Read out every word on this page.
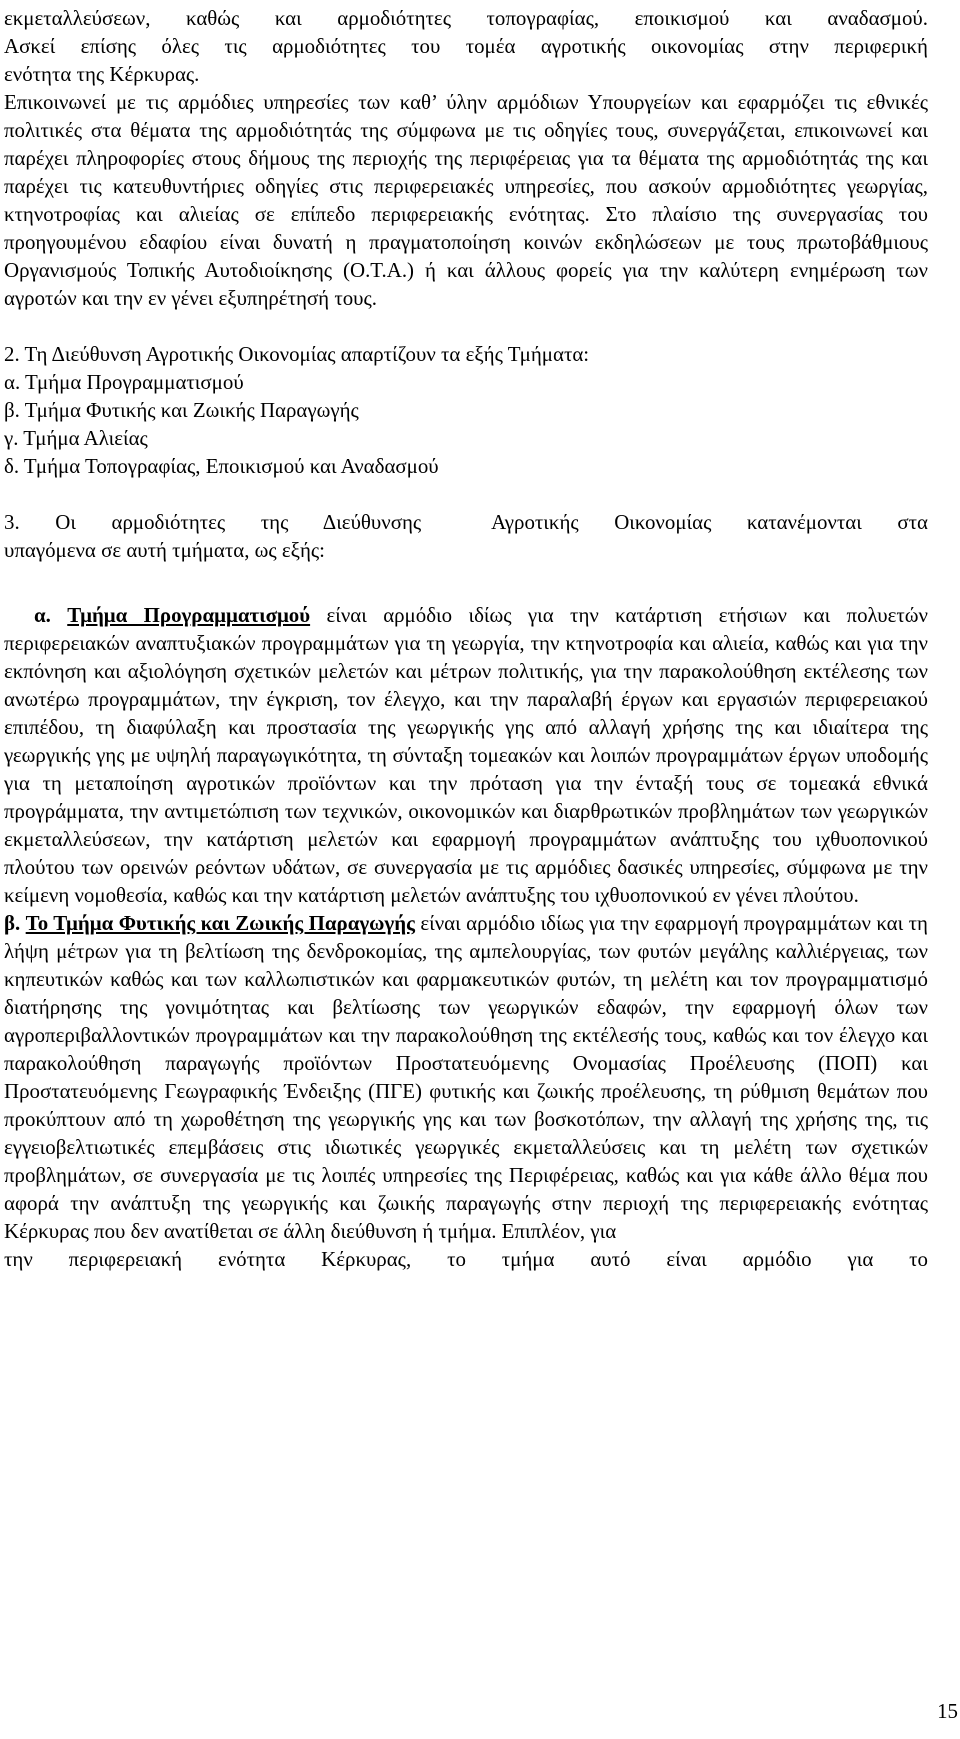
εκμεταλλεύσεων, καθώς και αρμοδιότητες τοπογραφίας, εποικισμού και αναδασμού.
Ασκεί επίσης όλες τις αρμοδιότητες του τομέα αγροτικής οικονομίας στην περιφερική
ενότητα της Κέρκυρας.

Επικοινωνεί με τις αρμόδιες υπηρεσίες των καθ’ ύλην αρμόδιων Υπουργείων και εφαρμόζει τις εθνικές πολιτικές στα θέματα της αρμοδιότητάς της σύμφωνα με τις οδηγίες τους, συνεργάζεται, επικοινωνεί και παρέχει πληροφορίες στους δήμους της περιοχής της περιφέρειας για τα θέματα της αρμοδιότητάς της και παρέχει τις κατευθυντήριες οδηγίες στις περιφερειακές υπηρεσίες, που ασκούν αρμοδιότητες γεωργίας, κτηνοτροφίας και αλιείας σε επίπεδο περιφερειακής ενότητας. Στο πλαίσιο της συνεργασίας του προηγουμένου εδαφίου είναι δυνατή η πραγματοποίηση κοινών εκδηλώσεων με τους πρωτοβάθμιους Οργανισμούς Τοπικής Αυτοδιοίκησης (Ο.Τ.Α.) ή και άλλους φορείς για την καλύτερη ενημέρωση των αγροτών και την εν γένει εξυπηρέτησή τους.

2. Τη Διεύθυνση Αγροτικής Οικονομίας απαρτίζουν τα εξής Τμήματα:

α. Τμήμα Προγραμματισμού

β. Τμήμα Φυτικής και Ζωικής Παραγωγής

γ. Τμήμα Αλιείας

δ. Τμήμα Τοπογραφίας, Εποικισμού και Αναδασμού

3. Οι αρμοδιότητες της Διεύθυνσης  Αγροτικής Οικονομίας κατανέμονται στα

υπαγόμενα σε αυτή τμήματα, ως εξής:

α. Τμήμα Προγραμματισμού είναι αρμόδιο ιδίως για την κατάρτιση ετήσιων και πολυετών περιφερειακών αναπτυξιακών προγραμμάτων για τη γεωργία, την κτηνοτροφία και αλιεία, καθώς και για την εκπόνηση και αξιολόγηση σχετικών μελετών και μέτρων πολιτικής, για την παρακολούθηση εκτέλεσης των ανωτέρω προγραμμάτων, την έγκριση, τον έλεγχο, και την παραλαβή έργων και εργασιών περιφερειακού επιπέδου, τη διαφύλαξη και προστασία της γεωργικής γης από αλλαγή χρήσης της και ιδιαίτερα της γεωργικής γης με υψηλή παραγωγικότητα, τη σύνταξη τομεακών και λοιπών προγραμμάτων έργων υποδομής για τη μεταποίηση αγροτικών προϊόντων και την πρόταση για την ένταξή τους σε τομεακά εθνικά προγράμματα, την αντιμετώπιση των τεχνικών, οικονομικών και διαρθρωτικών προβλημάτων των γεωργικών εκμεταλλεύσεων, την κατάρτιση μελετών και εφαρμογή προγραμμάτων ανάπτυξης του ιχθυοπονικού πλούτου των ορεινών ρεόντων υδάτων, σε συνεργασία με τις αρμόδιες δασικές υπηρεσίες, σύμφωνα με την κείμενη νομοθεσία, καθώς και την κατάρτιση μελετών ανάπτυξης του ιχθυοπονικού εν γένει πλούτου.

β. Το Τμήμα Φυτικής και Ζωικής Παραγωγής είναι αρμόδιο ιδίως για την εφαρμογή προγραμμάτων και τη λήψη μέτρων για τη βελτίωση της δενδροκομίας, της αμπελουργίας, των φυτών μεγάλης καλλιέργειας, των κηπευτικών καθώς και των καλλωπιστικών και φαρμακευτικών φυτών, τη μελέτη και τον προγραμματισμό διατήρησης της γονιμότητας και βελτίωσης των γεωργικών εδαφών, την εφαρμογή όλων των αγροπεριβαλλοντικών προγραμμάτων και την παρακολούθηση της εκτέλεσής τους, καθώς και τον έλεγχο και παρακολούθηση παραγωγής προϊόντων Προστατευόμενης Ονομασίας Προέλευσης (ΠΟΠ) και Προστατευόμενης Γεωγραφικής Ένδειξης (ΠΓΕ) φυτικής και ζωικής προέλευσης, τη ρύθμιση θεμάτων που προκύπτουν από τη χωροθέτηση της γεωργικής γης και των βοσκοτόπων, την αλλαγή της χρήσης της, τις εγγειοβελτιωτικές επεμβάσεις στις ιδιωτικές γεωργικές εκμεταλλεύσεις και τη μελέτη των σχετικών προβλημάτων, σε συνεργασία με τις λοιπές υπηρεσίες της Περιφέρειας, καθώς και για κάθε άλλο θέμα που αφορά την ανάπτυξη της γεωργικής και ζωικής παραγωγής στην περιοχή της περιφερειακής ενότητας Κέρκυρας που δεν ανατίθεται σε άλλη διεύθυνση ή τμήμα. Επιπλέον, για
την περιφερειακή ενότητα Κέρκυρας, το τμήμα αυτό είναι αρμόδιο για το

15
